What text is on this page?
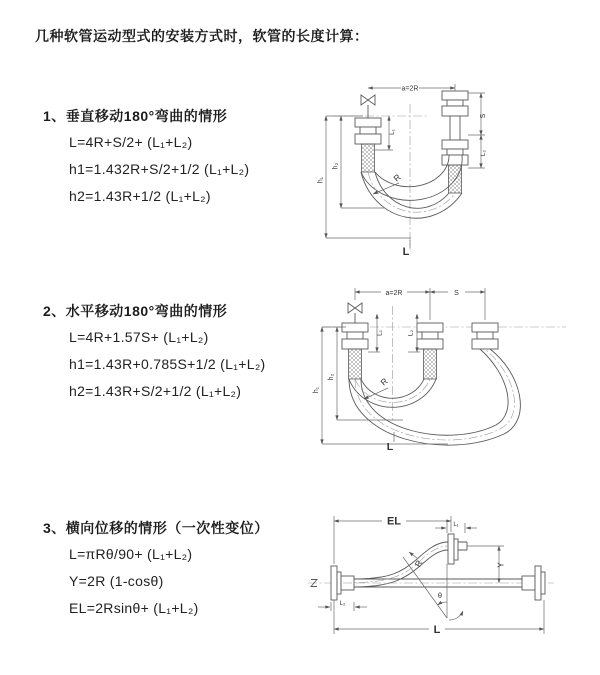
几种软管运动型式的安装方式时，软管的长度计算：
1、垂直移动180°弯曲的情形
L=4R+S/2+ (L₁+L₂)
h1=1.432R+S/2+1/2 (L₁+L₂)
h2=1.43R+1/2 (L₁+L₂)
a=2R
S
L₂
h₁
h₂
L₁
R
L
2、水平移动180°弯曲的情形
L=4R+1.57S+ (L₁+L₂)
h1=1.43R+0.785S+1/2 (L₁+L₂)
h2=1.43R+S/2+1/2 (L₁+L₂)
a=2R	S
h₁
h₂
L₁	L₂
R
L
3、横向位移的情形（一次性变位）
L=πRθ/90+ (L₁+L₂)
Y=2R (1-cosθ)
EL=2Rsinθ+ (L₁+L₂)
θ
EL	L₁
Y
R
L₂
L
